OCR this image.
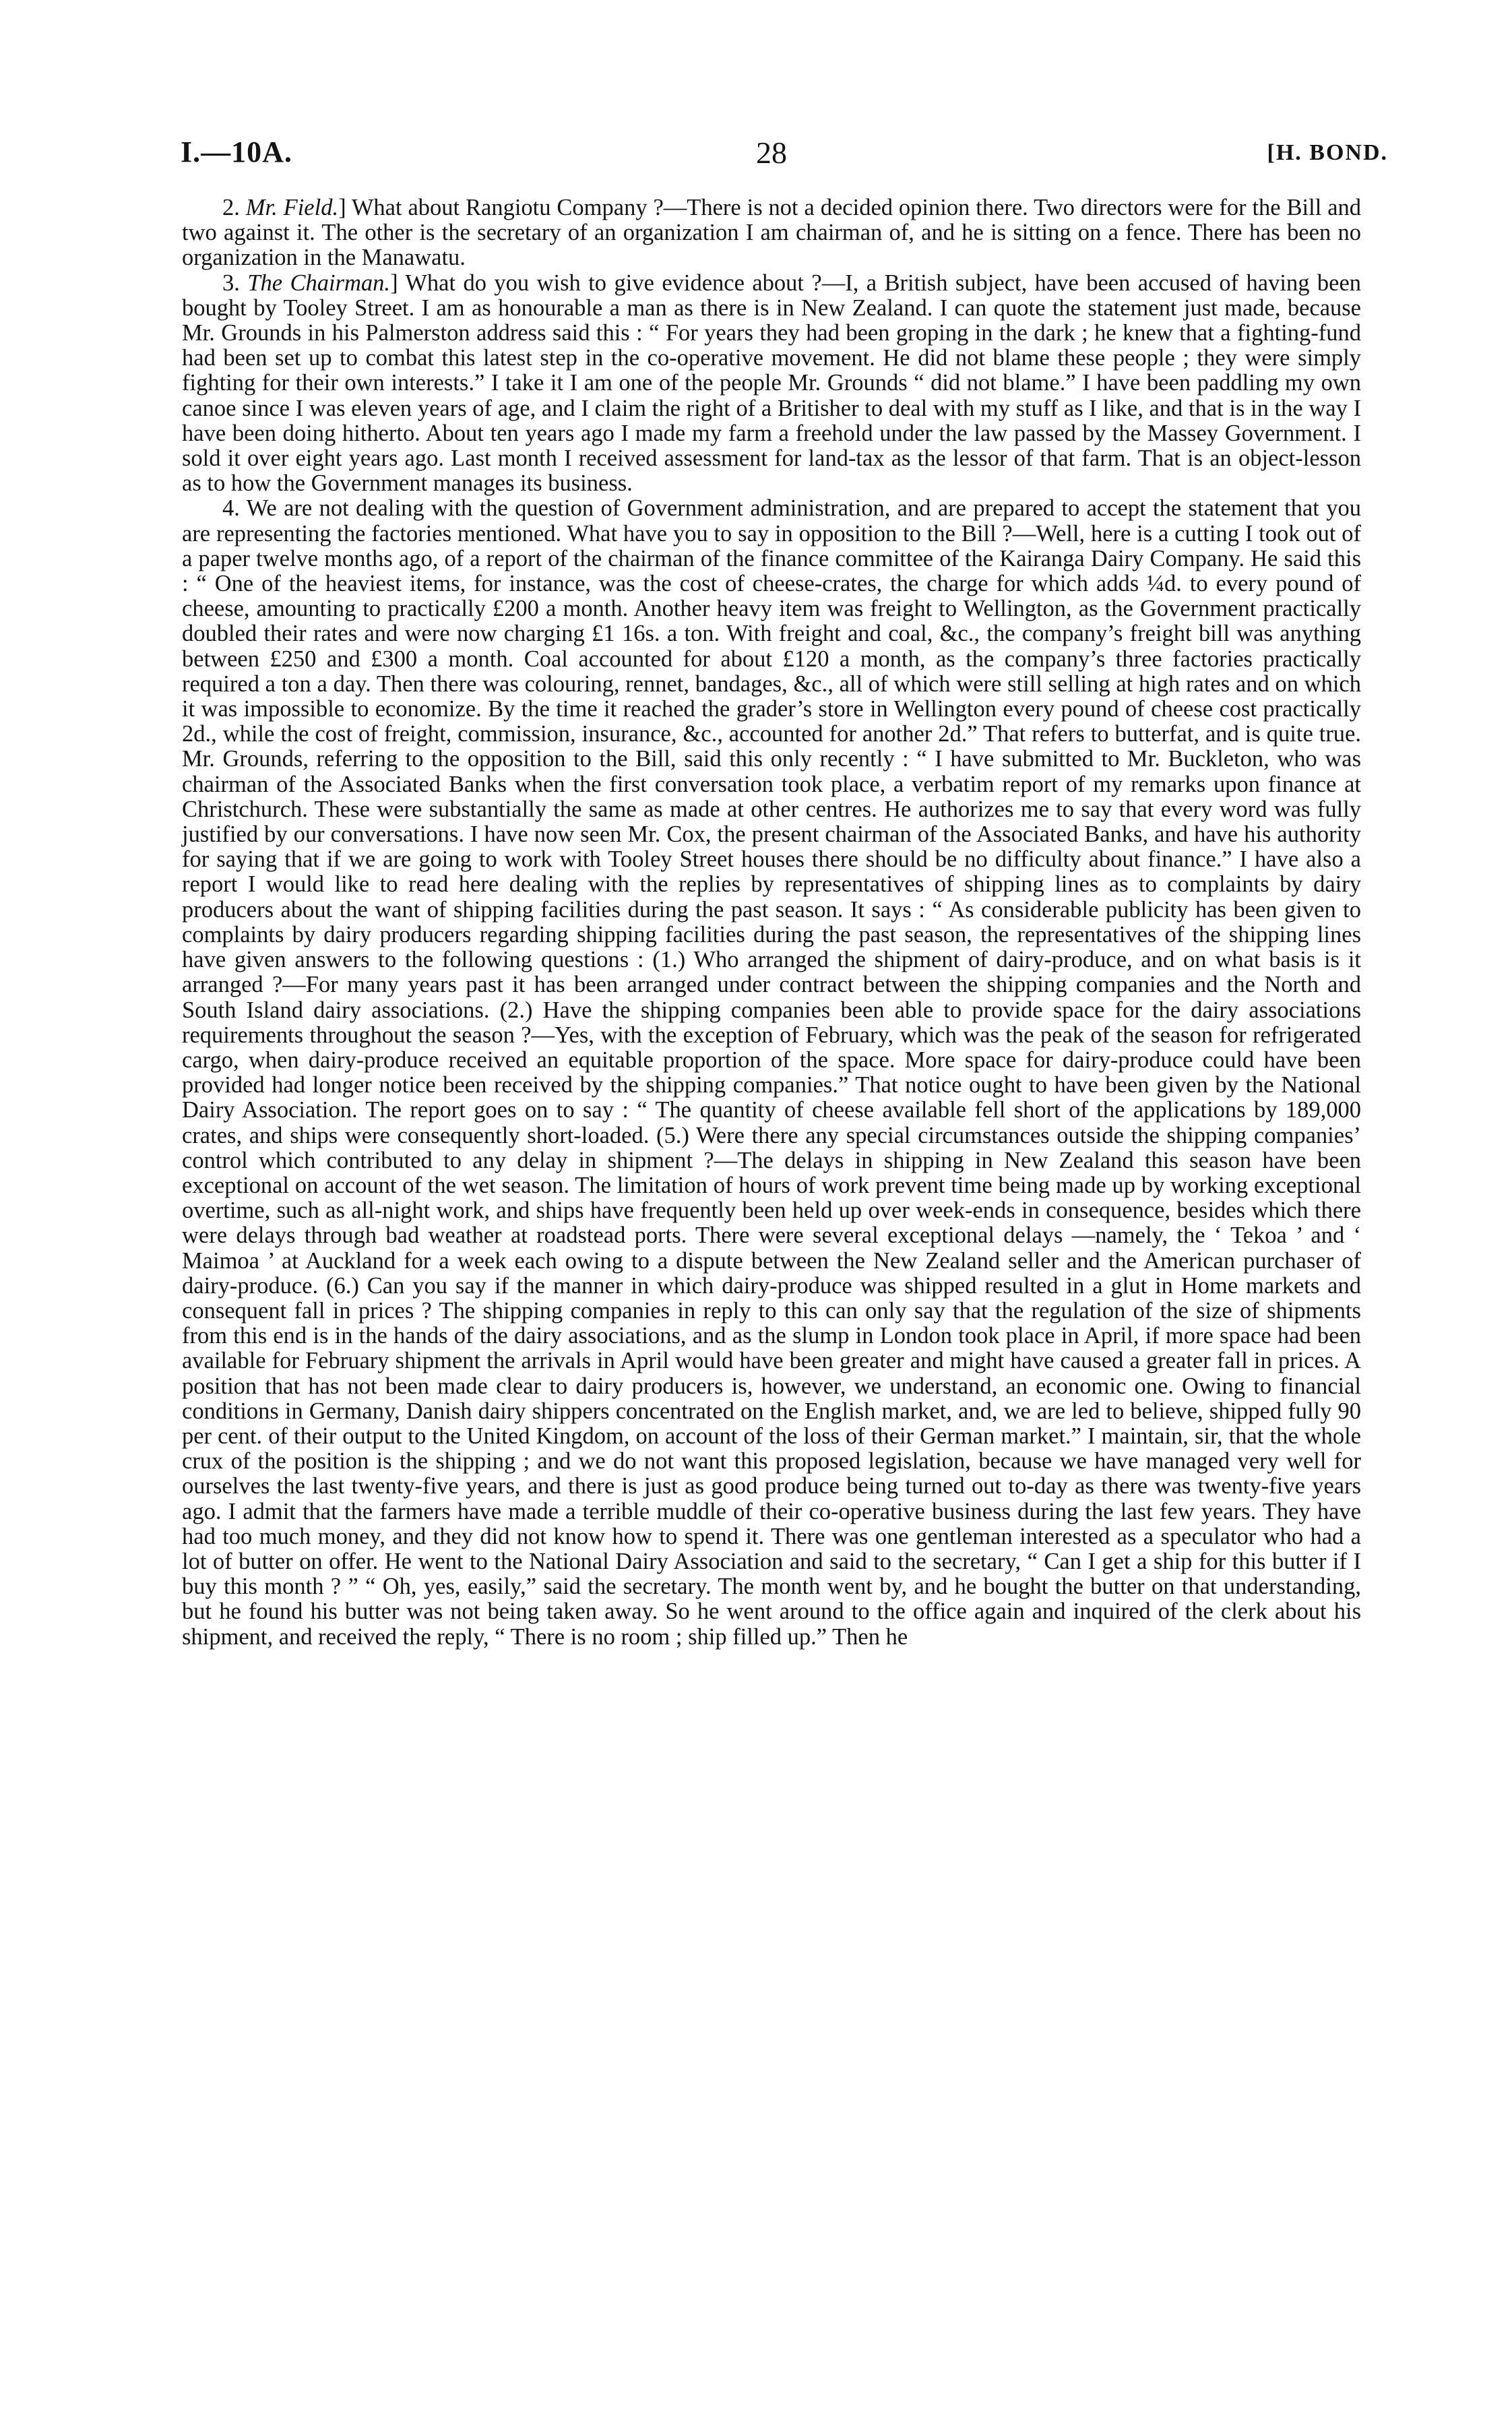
I.—10A.	28	[H. BOND.

2. Mr. Field.] What about Rangiotu Company ?—There is not a decided opinion there. Two directors were for the Bill and two against it. The other is the secretary of an organization I am chairman of, and he is sitting on a fence. There has been no organization in the Manawatu.

3. The Chairman.] What do you wish to give evidence about ?—I, a British subject, have been accused of having been bought by Tooley Street. I am as honourable a man as there is in New Zealand. I can quote the statement just made, because Mr. Grounds in his Palmerston address said this : “ For years they had been groping in the dark ; he knew that a fighting-fund had been set up to combat this latest step in the co-operative movement. He did not blame these people ; they were simply fighting for their own interests.” I take it I am one of the people Mr. Grounds “ did not blame.” I have been paddling my own canoe since I was eleven years of age, and I claim the right of a Britisher to deal with my stuff as I like, and that is in the way I have been doing hitherto. About ten years ago I made my farm a freehold under the law passed by the Massey Government. I sold it over eight years ago. Last month I received assessment for land-tax as the lessor of that farm. That is an object-lesson as to how the Government manages its business.

4. We are not dealing with the question of Government administration, and are prepared to accept the statement that you are representing the factories mentioned. What have you to say in opposition to the Bill ?—Well, here is a cutting I took out of a paper twelve months ago, of a report of the chairman of the finance committee of the Kairanga Dairy Company. He said this : “ One of the heaviest items, for instance, was the cost of cheese-crates, the charge for which adds ¼d. to every pound of cheese, amounting to practically £200 a month. Another heavy item was freight to Wellington, as the Government practically doubled their rates and were now charging £1 16s. a ton. With freight and coal, &c., the company’s freight bill was anything between £250 and £300 a month. Coal accounted for about £120 a month, as the company’s three factories practically required a ton a day. Then there was colouring, rennet, bandages, &c., all of which were still selling at high rates and on which it was impossible to economize. By the time it reached the grader’s store in Wellington every pound of cheese cost practically 2d., while the cost of freight, commission, insurance, &c., accounted for another 2d.” That refers to butterfat, and is quite true. Mr. Grounds, referring to the opposition to the Bill, said this only recently : “ I have submitted to Mr. Buckleton, who was chairman of the Associated Banks when the first conversation took place, a verbatim report of my remarks upon finance at Christchurch. These were substantially the same as made at other centres. He authorizes me to say that every word was fully justified by our conversations. I have now seen Mr. Cox, the present chairman of the Associated Banks, and have his authority for saying that if we are going to work with Tooley Street houses there should be no difficulty about finance.” I have also a report I would like to read here dealing with the replies by representatives of shipping lines as to complaints by dairy producers about the want of shipping facilities during the past season. It says : “ As considerable publicity has been given to complaints by dairy producers regarding shipping facilities during the past season, the representatives of the shipping lines have given answers to the following questions : (1.) Who arranged the shipment of dairy-produce, and on what basis is it arranged ?—For many years past it has been arranged under contract between the shipping companies and the North and South Island dairy associations. (2.) Have the shipping companies been able to provide space for the dairy associations requirements throughout the season ?—Yes, with the exception of February, which was the peak of the season for refrigerated cargo, when dairy-produce received an equitable proportion of the space. More space for dairy-produce could have been provided had longer notice been received by the shipping companies.” That notice ought to have been given by the National Dairy Association. The report goes on to say : “ The quantity of cheese available fell short of the applications by 189,000 crates, and ships were consequently short-loaded. (5.) Were there any special circumstances outside the shipping companies’ control which contributed to any delay in shipment ?—The delays in shipping in New Zealand this season have been exceptional on account of the wet season. The limitation of hours of work prevent time being made up by working exceptional overtime, such as all-night work, and ships have frequently been held up over week-ends in consequence, besides which there were delays through bad weather at roadstead ports. There were several exceptional delays —namely, the ‘ Tekoa ’ and ‘ Maimoa ’ at Auckland for a week each owing to a dispute between the New Zealand seller and the American purchaser of dairy-produce. (6.) Can you say if the manner in which dairy-produce was shipped resulted in a glut in Home markets and consequent fall in prices ? The shipping companies in reply to this can only say that the regulation of the size of shipments from this end is in the hands of the dairy associations, and as the slump in London took place in April, if more space had been available for February shipment the arrivals in April would have been greater and might have caused a greater fall in prices. A position that has not been made clear to dairy producers is, however, we understand, an economic one. Owing to financial conditions in Germany, Danish dairy shippers concentrated on the English market, and, we are led to believe, shipped fully 90 per cent. of their output to the United Kingdom, on account of the loss of their German market.” I maintain, sir, that the whole crux of the position is the shipping ; and we do not want this proposed legislation, because we have managed very well for ourselves the last twenty-five years, and there is just as good produce being turned out to-day as there was twenty-five years ago. I admit that the farmers have made a terrible muddle of their co-operative business during the last few years. They have had too much money, and they did not know how to spend it. There was one gentleman interested as a speculator who had a lot of butter on offer. He went to the National Dairy Association and said to the secretary, “ Can I get a ship for this butter if I buy this month ? ” “ Oh, yes, easily,” said the secretary. The month went by, and he bought the butter on that understanding, but he found his butter was not being taken away. So he went around to the office again and inquired of the clerk about his shipment, and received the reply, “ There is no room ; ship filled up.” Then he
